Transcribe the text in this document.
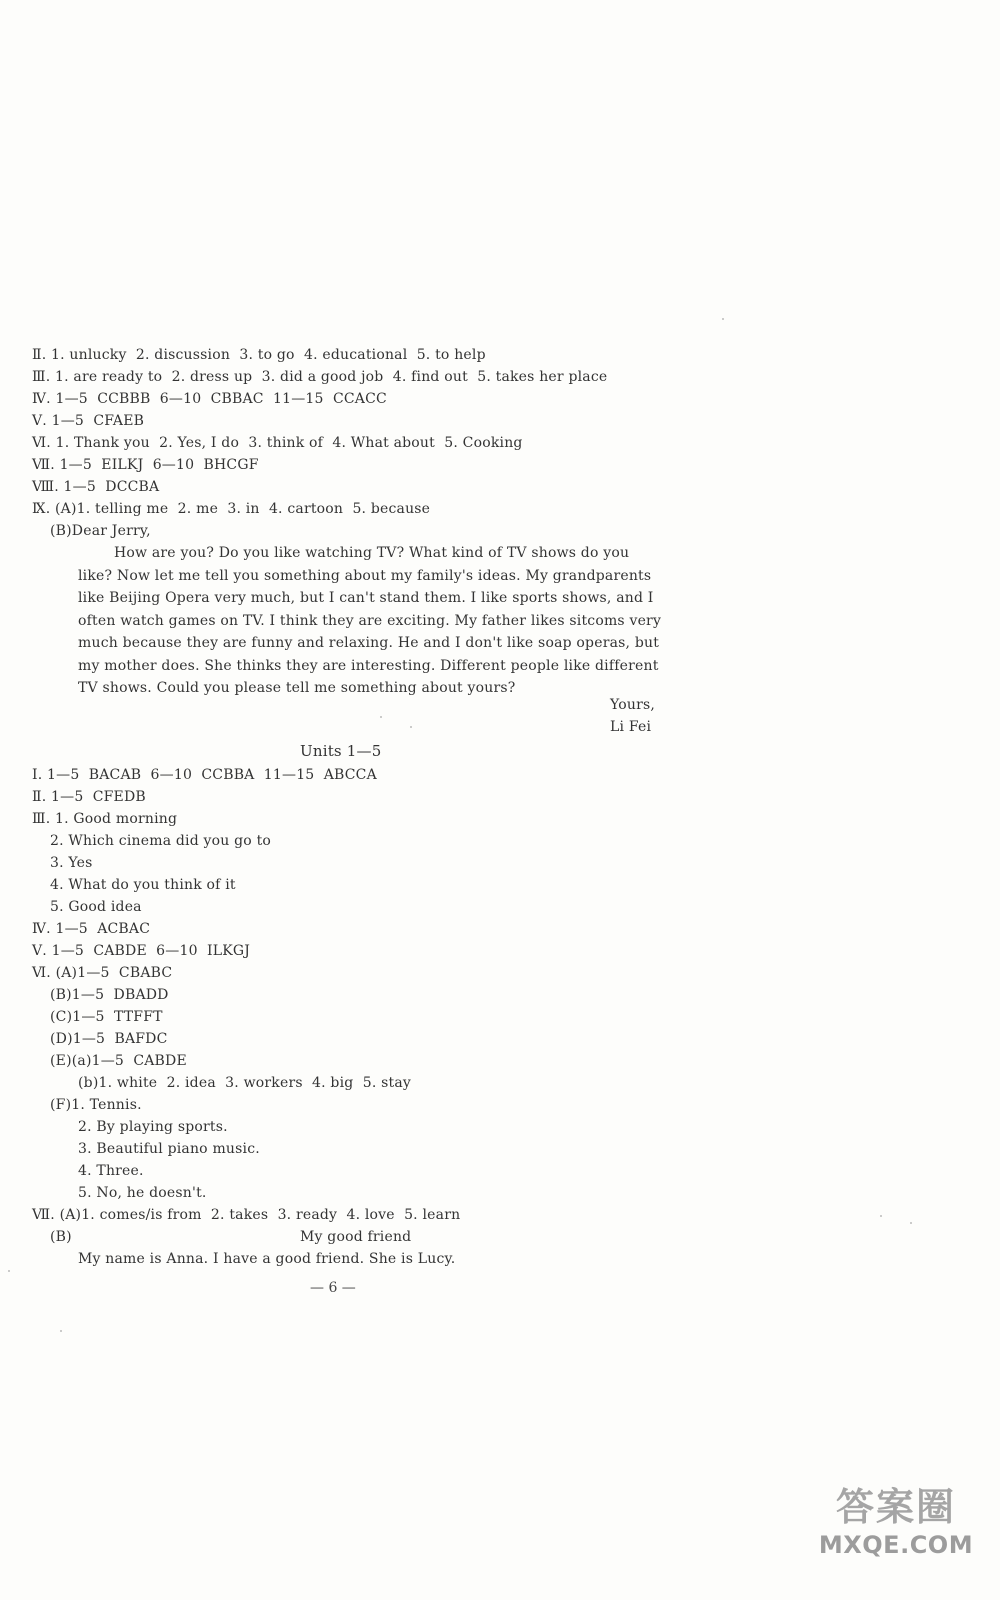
Ⅱ. 1. unlucky  2. discussion  3. to go  4. educational  5. to help
Ⅲ. 1. are ready to  2. dress up  3. did a good job  4. find out  5. takes her place
Ⅳ. 1—5  CCBBB  6—10  CBBAC  11—15  CCACC
Ⅴ. 1—5  CFAEB
Ⅵ. 1. Thank you  2. Yes, I do  3. think of  4. What about  5. Cooking
Ⅶ. 1—5  EILKJ  6—10  BHCGF
Ⅷ. 1—5  DCCBA
Ⅸ. (A)1. telling me  2. me  3. in  4. cartoon  5. because
(B)Dear Jerry,
How are you? Do you like watching TV? What kind of TV shows do you like? Now let me tell you something about my family's ideas. My grandparents like Beijing Opera very much, but I can't stand them. I like sports shows, and I often watch games on TV. I think they are exciting. My father likes sitcoms very much because they are funny and relaxing. He and I don't like soap operas, but my mother does. She thinks they are interesting. Different people like different TV shows. Could you please tell me something about yours?
Yours,
Li Fei
Units 1—5
Ⅰ. 1—5  BACAB  6—10  CCBBA  11—15  ABCCA
Ⅱ. 1—5  CFEDB
Ⅲ. 1. Good morning
2. Which cinema did you go to
3. Yes
4. What do you think of it
5. Good idea
Ⅳ. 1—5  ACBAC
Ⅴ. 1—5  CABDE  6—10  ILKGJ
Ⅵ. (A)1—5  CBABC
(B)1—5  DBADD
(C)1—5  TTFFT
(D)1—5  BAFDC
(E)(a)1—5  CABDE
(b)1. white  2. idea  3. workers  4. big  5. stay
(F)1. Tennis.
2. By playing sports.
3. Beautiful piano music.
4. Three.
5. No, he doesn't.
Ⅶ. (A)1. comes/is from  2. takes  3. ready  4. love  5. learn
(B)	My good friend
My name is Anna. I have a good friend. She is Lucy.
— 6 —
答案圈
MXQE.COM
